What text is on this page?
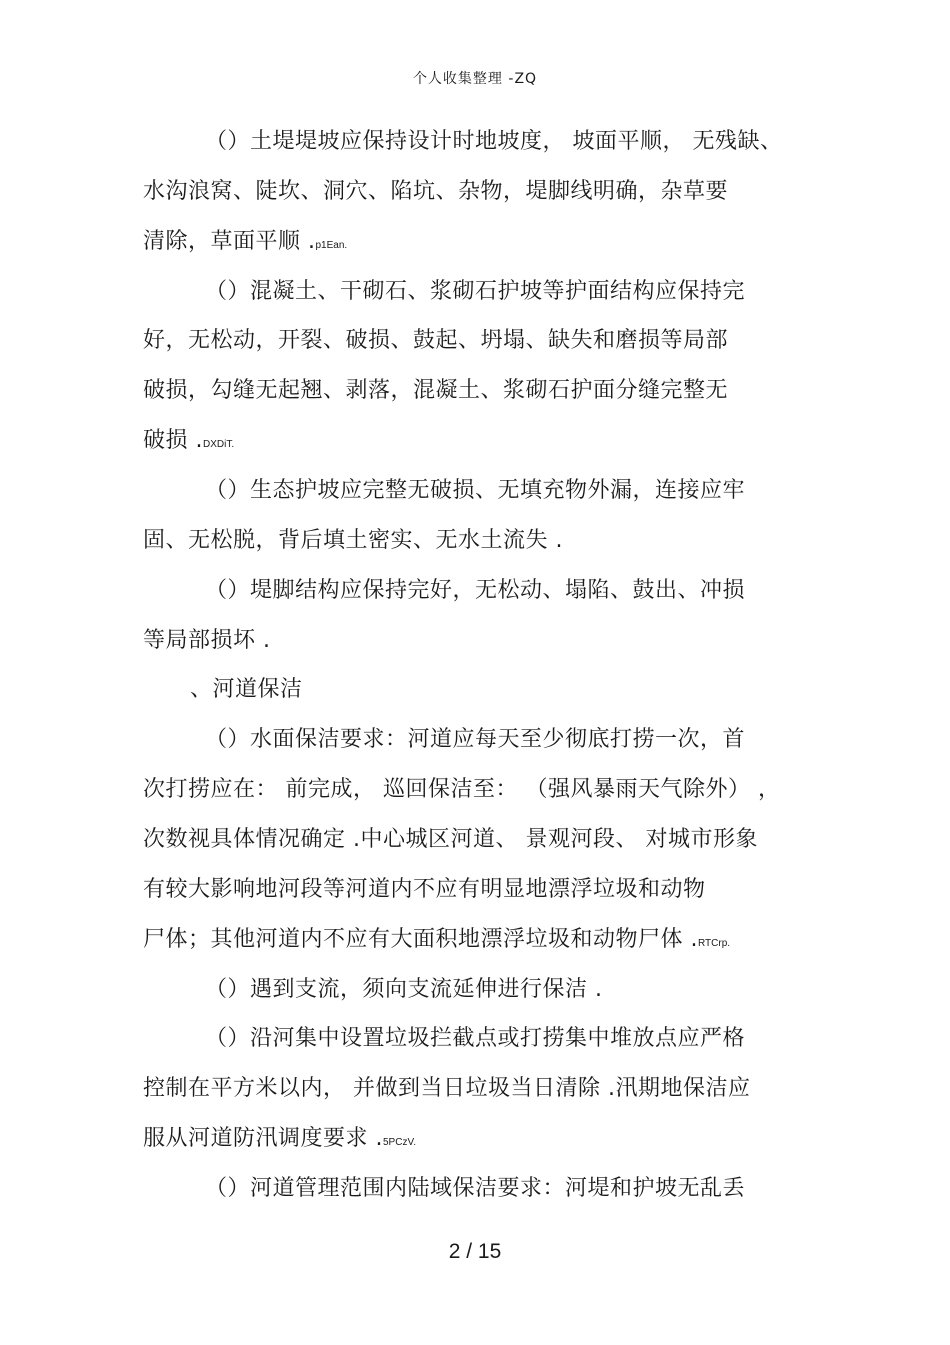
个人收集整理 -ZQ
（）土堤堤坡应保持设计时地坡度， 坡面平顺， 无残缺、
水沟浪窝、陡坎、洞穴、陷坑、杂物，堤脚线明确，杂草要
清除，草面平顺 .p1Ean.
（）混凝土、干砌石、浆砌石护坡等护面结构应保持完
好，无松动，开裂、破损、鼓起、坍塌、缺失和磨损等局部
破损，勾缝无起翘、剥落，混凝土、浆砌石护面分缝完整无
破损 .DXDiT.
（）生态护坡应完整无破损、无填充物外漏，连接应牢
固、无松脱，背后填土密实、无水土流失 .
（）堤脚结构应保持完好，无松动、塌陷、鼓出、冲损
等局部损坏 .
、河道保洁
（）水面保洁要求：河道应每天至少彻底打捞一次，首
次打捞应在： 前完成， 巡回保洁至： （强风暴雨天气除外） ，
次数视具体情况确定 .中心城区河道、 景观河段、 对城市形象
有较大影响地河段等河道内不应有明显地漂浮垃圾和动物
尸体；其他河道内不应有大面积地漂浮垃圾和动物尸体 .RTCrp.
（）遇到支流，须向支流延伸进行保洁 .
（）沿河集中设置垃圾拦截点或打捞集中堆放点应严格
控制在平方米以内， 并做到当日垃圾当日清除 .汛期地保洁应
服从河道防汛调度要求 .5PCzV.
（）河道管理范围内陆域保洁要求：河堤和护坡无乱丢
2 / 15
